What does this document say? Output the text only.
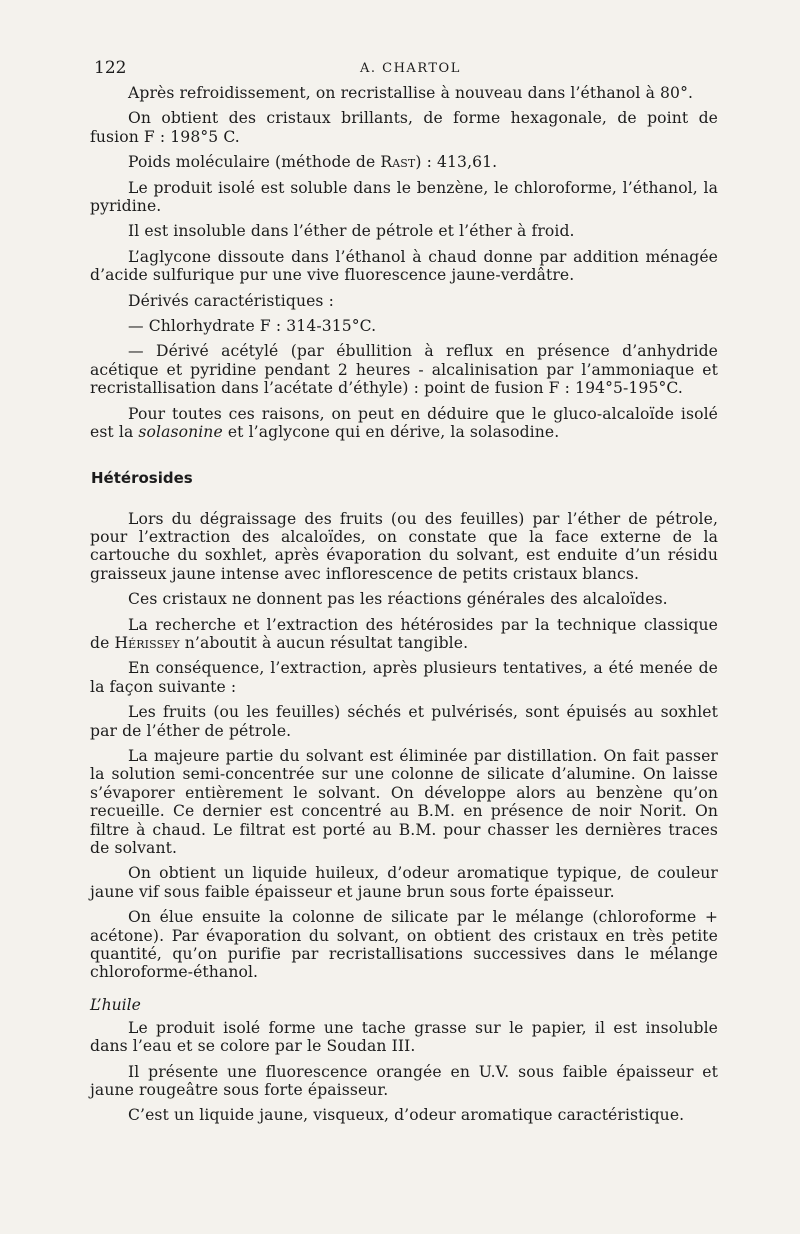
122	A. CHARTOL

Après refroidissement, on recristallise à nouveau dans l’éthanol à 80°.

On obtient des cristaux brillants, de forme hexagonale, de point de fusion F : 198°5 C.

Poids moléculaire (méthode de Rast) : 413,61.

Le produit isolé est soluble dans le benzène, le chloroforme, l’éthanol, la pyridine.

Il est insoluble dans l’éther de pétrole et l’éther à froid.

L’aglycone dissoute dans l’éthanol à chaud donne par addition ménagée d’acide sulfurique pur une vive fluorescence jaune-verdâtre.

Dérivés caractéristiques :

— Chlorhydrate F : 314-315°C.

— Dérivé acétylé (par ébullition à reflux en présence d’anhydride acétique et pyridine pendant 2 heures - alcalinisation par l’ammoniaque et recristallisation dans l’acétate d’éthyle) : point de fusion F : 194°5-195°C.

Pour toutes ces raisons, on peut en déduire que le gluco-alcaloïde isolé est la solasonine et l’aglycone qui en dérive, la solasodine.

Hétérosides

Lors du dégraissage des fruits (ou des feuilles) par l’éther de pétrole, pour l’extraction des alcaloïdes, on constate que la face externe de la cartouche du soxhlet, après évaporation du solvant, est enduite d’un résidu graisseux jaune intense avec inflorescence de petits cristaux blancs.

Ces cristaux ne donnent pas les réactions générales des alcaloïdes.

La recherche et l’extraction des hétérosides par la technique classique de Hérissey n’aboutit à aucun résultat tangible.

En conséquence, l’extraction, après plusieurs tentatives, a été menée de la façon suivante :

Les fruits (ou les feuilles) séchés et pulvérisés, sont épuisés au soxhlet par de l’éther de pétrole.

La majeure partie du solvant est éliminée par distillation. On fait passer la solution semi-concentrée sur une colonne de silicate d’alumine. On laisse s’évaporer entièrement le solvant. On développe alors au benzène qu’on recueille. Ce dernier est concentré au B.M. en présence de noir Norit. On filtre à chaud. Le filtrat est porté au B.M. pour chasser les dernières traces de solvant.

On obtient un liquide huileux, d’odeur aromatique typique, de couleur jaune vif sous faible épaisseur et jaune brun sous forte épaisseur.

On élue ensuite la colonne de silicate par le mélange (chloroforme + acétone). Par évaporation du solvant, on obtient des cristaux en très petite quantité, qu’on purifie par recristallisations successives dans le mélange chloroforme-éthanol.

L’huile

Le produit isolé forme une tache grasse sur le papier, il est insoluble dans l’eau et se colore par le Soudan III.

Il présente une fluorescence orangée en U.V. sous faible épaisseur et jaune rougeâtre sous forte épaisseur.

C’est un liquide jaune, visqueux, d’odeur aromatique caractéristique.
